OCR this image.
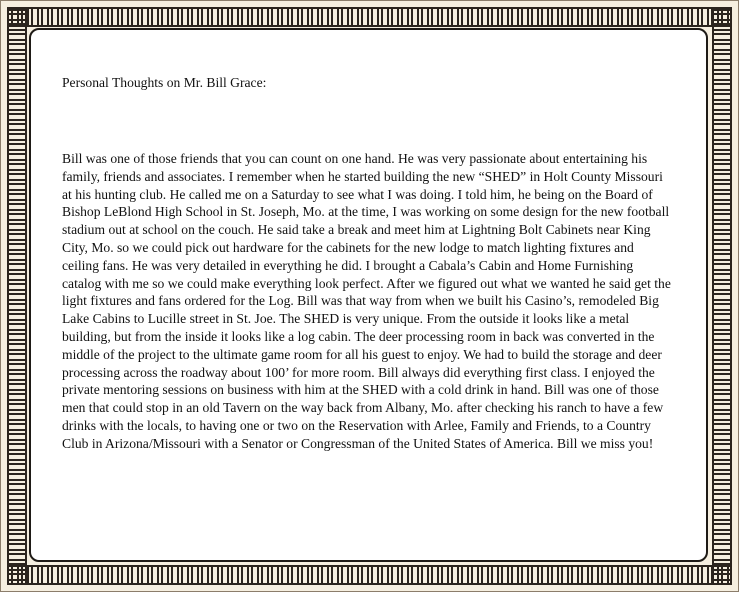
Personal Thoughts on Mr. Bill Grace:

Bill was one of those friends that you can count on one hand. He was very passionate about entertaining his family, friends and associates. I remember when he started building the new “SHED” in Holt County Missouri at his hunting club. He called me on a Saturday to see what I was doing. I told him, he being on the Board of Bishop LeBlond High School in St. Joseph, Mo. at the time, I was working on some design for the new football stadium out at school on the couch. He said take a break and meet him at Lightning Bolt Cabinets near King City, Mo. so we could pick out hardware for the cabinets for the new lodge to match lighting fixtures and ceiling fans. He was very detailed in everything he did. I brought a Cabala’s Cabin and Home Furnishing catalog with me so we could make everything look perfect. After we figured out what we wanted he said get the light fixtures and fans ordered for the Log. Bill was that way from when we built his Casino’s, remodeled Big Lake Cabins to Lucille street in St. Joe. The SHED is very unique. From the outside it looks like a metal building, but from the inside it looks like a log cabin. The deer processing room in back was converted in the middle of the project to the ultimate game room for all his guest to enjoy. We had to build the storage and deer processing across the roadway about 100’ for more room. Bill always did everything first class. I enjoyed the private mentoring sessions on business with him at the SHED with a cold drink in hand. Bill was one of those men that could stop in an old Tavern on the way back from Albany, Mo. after checking his ranch to have a few drinks with the locals, to having one or two on the Reservation with Arlee, Family and Friends, to a Country Club in Arizona/Missouri with a Senator or Congressman of the United States of America. Bill we miss you!
